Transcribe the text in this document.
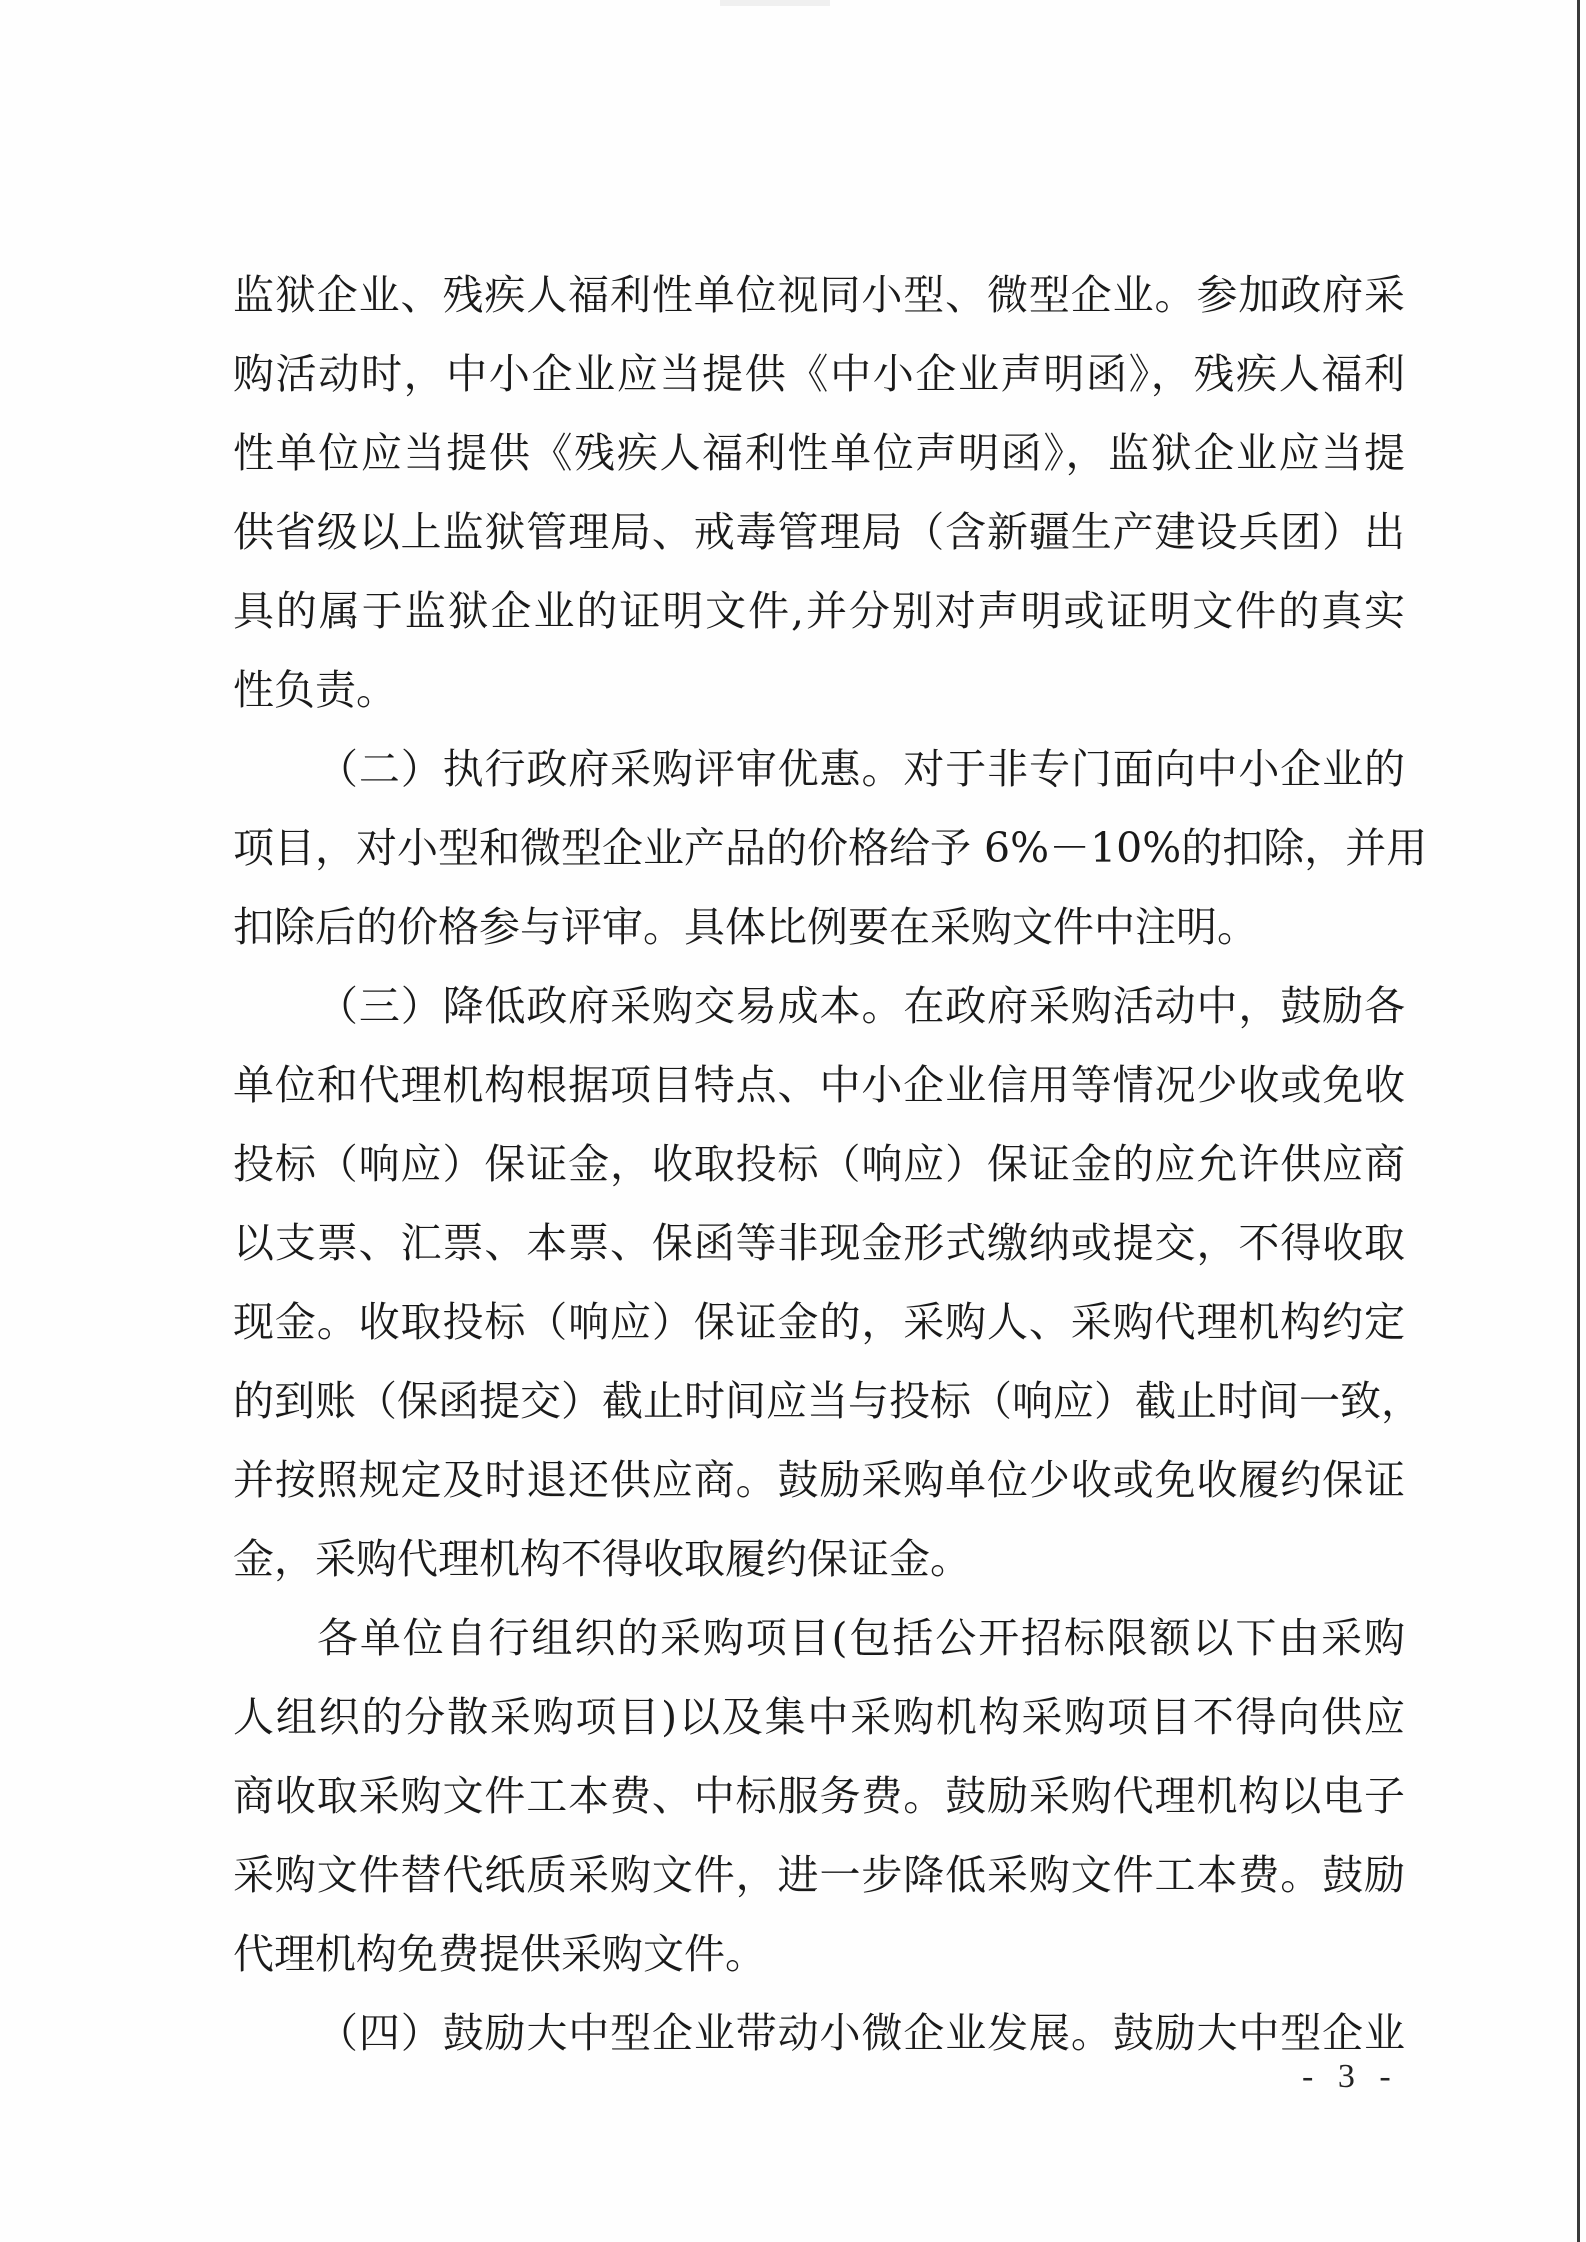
监狱企业、残疾人福利性单位视同小型、微型企业。参加政府采
购活动时，中小企业应当提供《中小企业声明函》，残疾人福利
性单位应当提供《残疾人福利性单位声明函》，监狱企业应当提
供省级以上监狱管理局、戒毒管理局（含新疆生产建设兵团）出
具的属于监狱企业的证明文件,并分别对声明或证明文件的真实
性负责。
（二）执行政府采购评审优惠。对于非专门面向中小企业的
项目，对小型和微型企业产品的价格给予 6%－10%的扣除，并用
扣除后的价格参与评审。具体比例要在采购文件中注明。
（三）降低政府采购交易成本。在政府采购活动中，鼓励各
单位和代理机构根据项目特点、中小企业信用等情况少收或免收
投标（响应）保证金，收取投标（响应）保证金的应允许供应商
以支票、汇票、本票、保函等非现金形式缴纳或提交，不得收取
现金。收取投标（响应）保证金的，采购人、采购代理机构约定
的到账（保函提交）截止时间应当与投标（响应）截止时间一致，
并按照规定及时退还供应商。鼓励采购单位少收或免收履约保证
金，采购代理机构不得收取履约保证金。
各单位自行组织的采购项目(包括公开招标限额以下由采购
人组织的分散采购项目)以及集中采购机构采购项目不得向供应
商收取采购文件工本费、中标服务费。鼓励采购代理机构以电子
采购文件替代纸质采购文件，进一步降低采购文件工本费。鼓励
代理机构免费提供采购文件。
（四）鼓励大中型企业带动小微企业发展。鼓励大中型企业
- 3 -
